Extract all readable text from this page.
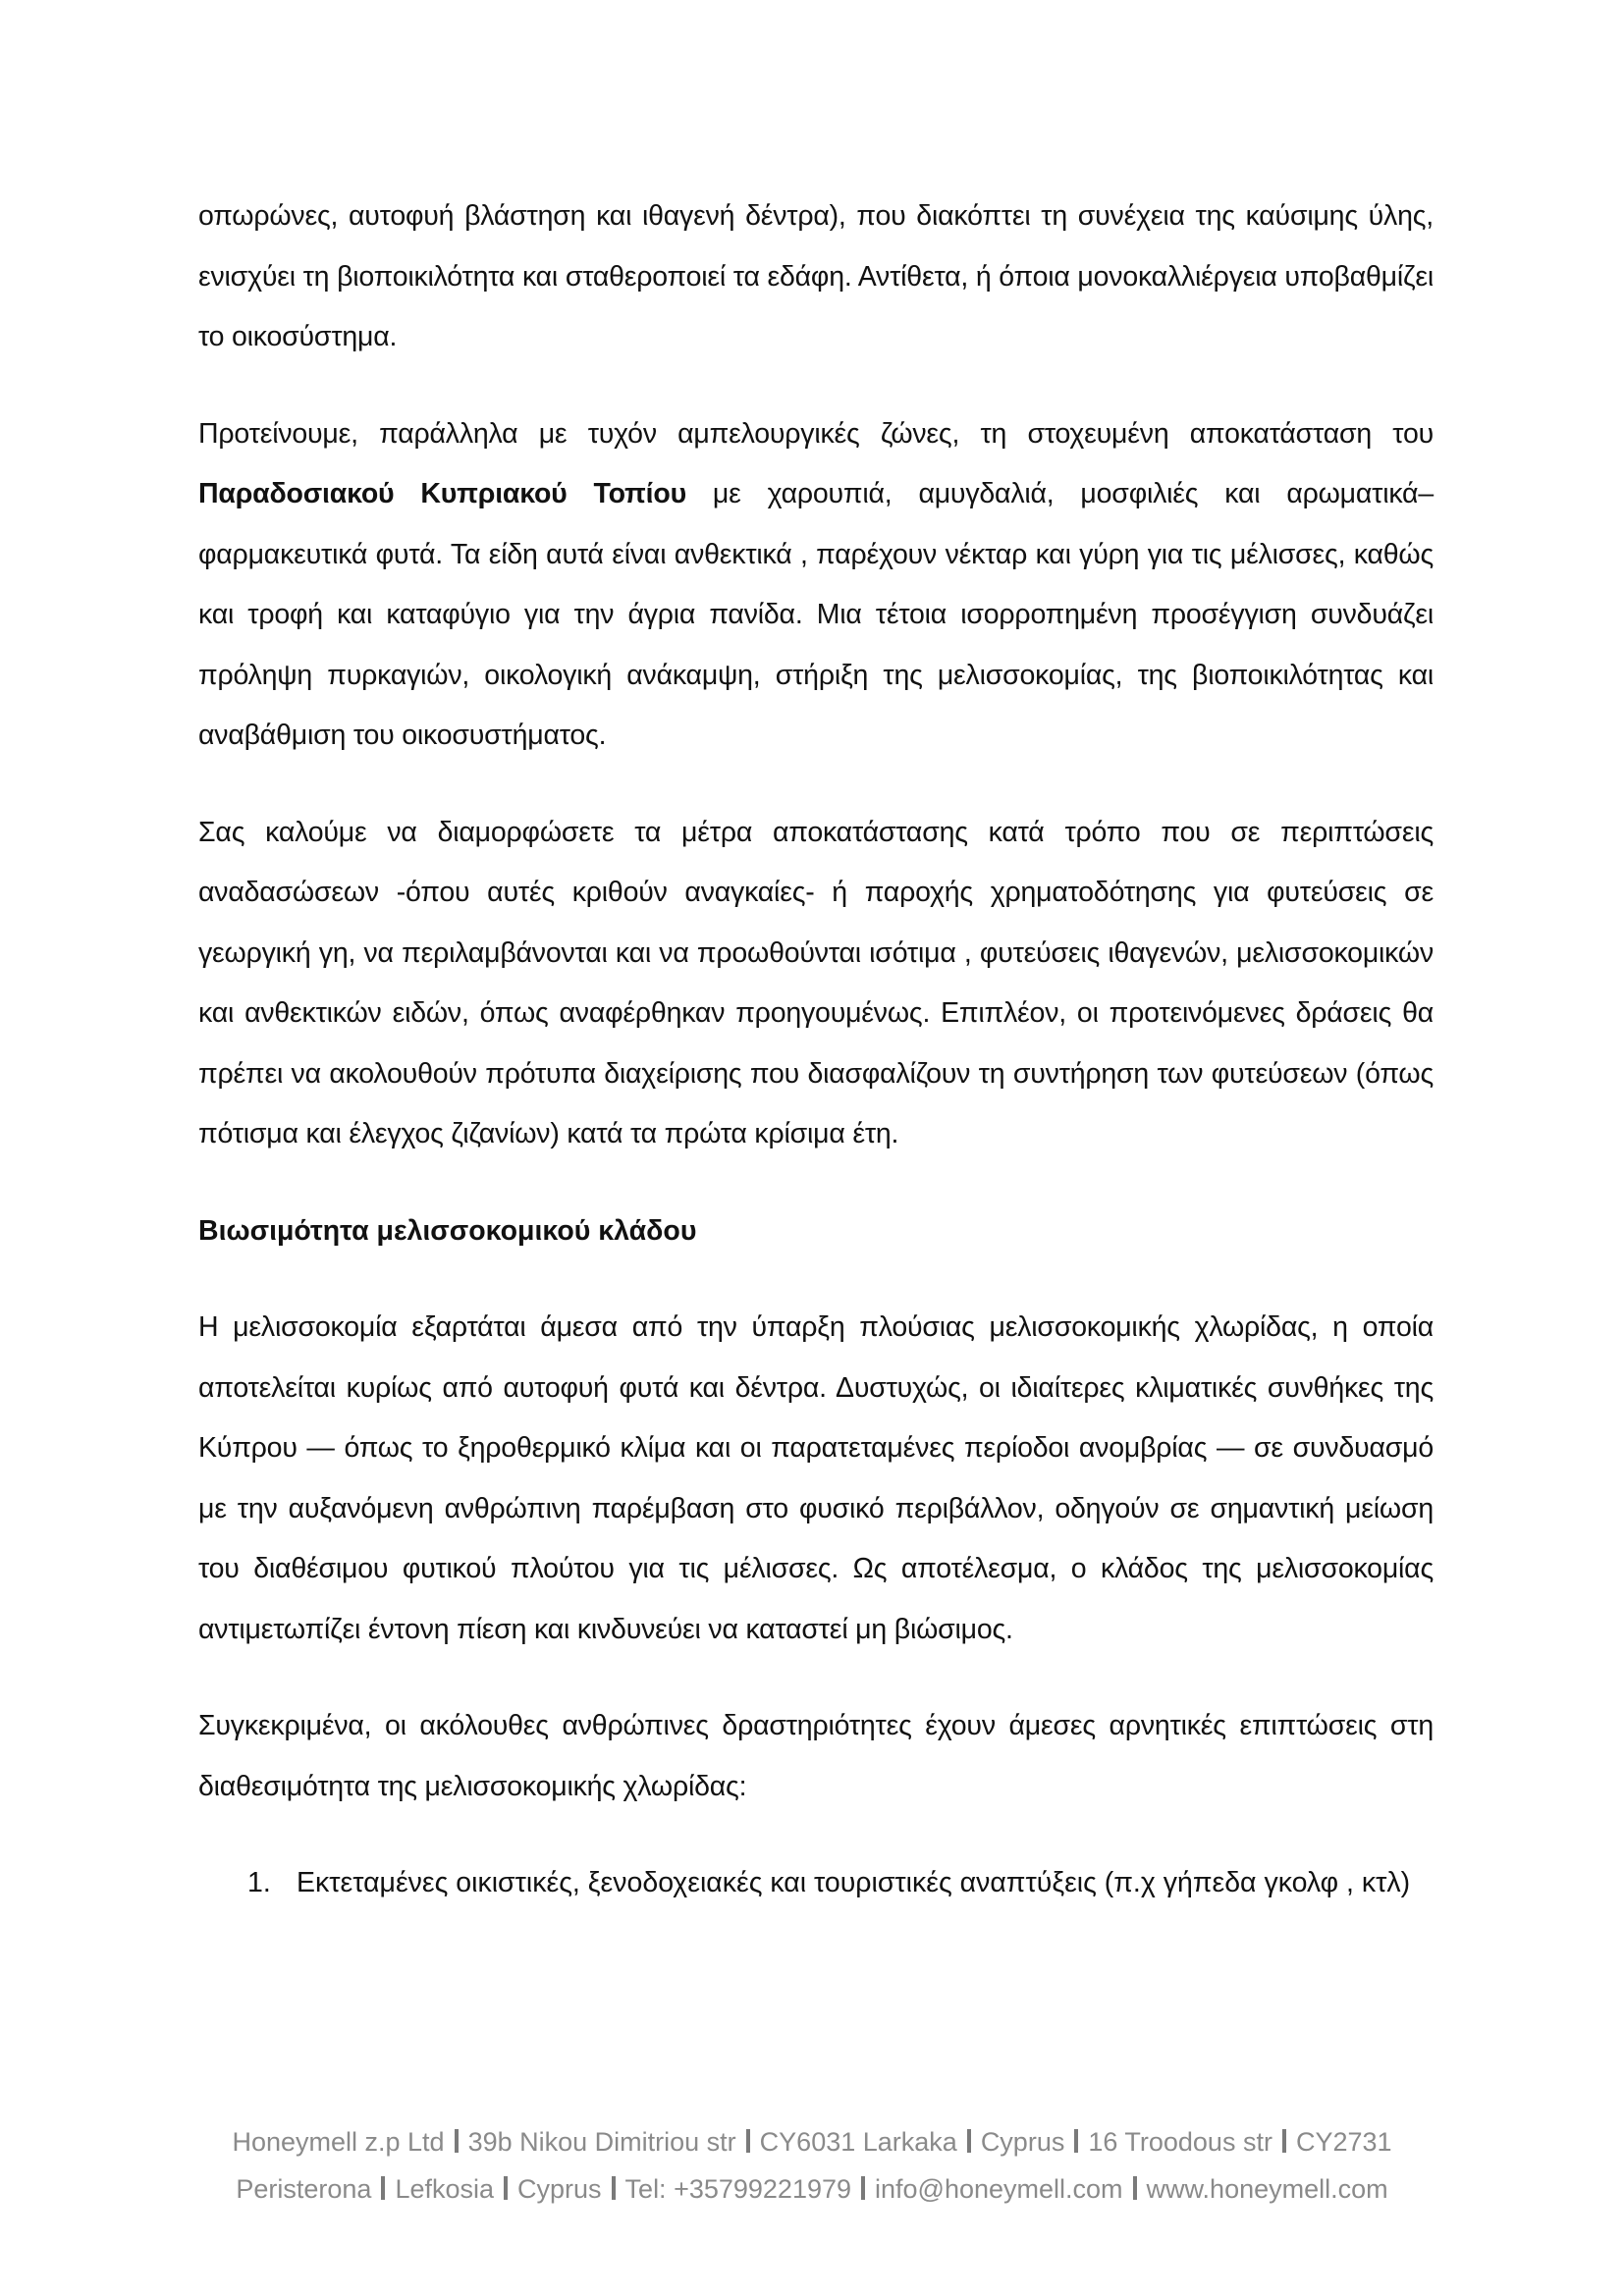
οπωρώνες, αυτοφυή βλάστηση και ιθαγενή δέντρα), που διακόπτει τη συνέχεια της καύσιμης ύλης, ενισχύει τη βιοποικιλότητα και σταθεροποιεί τα εδάφη. Αντίθετα, ή όποια μονοκαλλιέργεια υποβαθμίζει το οικοσύστημα.

Προτείνουμε, παράλληλα με τυχόν αμπελουργικές ζώνες, τη στοχευμένη αποκατάσταση του Παραδοσιακού Κυπριακού Τοπίου με χαρουπιά, αμυγδαλιά, μοσφιλιές και αρωματικά–φαρμακευτικά φυτά. Τα είδη αυτά είναι ανθεκτικά , παρέχουν νέκταρ και γύρη για τις μέλισσες, καθώς και τροφή και καταφύγιο για την άγρια πανίδα. Μια τέτοια ισορροπημένη προσέγγιση συνδυάζει πρόληψη πυρκαγιών, οικολογική ανάκαμψη, στήριξη της μελισσοκομίας, της βιοποικιλότητας και αναβάθμιση του οικοσυστήματος.

Σας καλούμε να διαμορφώσετε τα μέτρα αποκατάστασης κατά τρόπο που σε περιπτώσεις αναδασώσεων -όπου αυτές κριθούν αναγκαίες- ή παροχής χρηματοδότησης για φυτεύσεις σε γεωργική γη, να περιλαμβάνονται και να προωθούνται ισότιμα , φυτεύσεις ιθαγενών, μελισσοκομικών και ανθεκτικών ειδών, όπως αναφέρθηκαν προηγουμένως. Επιπλέον, οι προτεινόμενες δράσεις θα πρέπει να ακολουθούν πρότυπα διαχείρισης που διασφαλίζουν τη συντήρηση των φυτεύσεων (όπως πότισμα και έλεγχος ζιζανίων) κατά τα πρώτα κρίσιμα έτη.

Βιωσιμότητα μελισσοκομικού κλάδου

Η μελισσοκομία εξαρτάται άμεσα από την ύπαρξη πλούσιας μελισσοκομικής χλωρίδας, η οποία αποτελείται κυρίως από αυτοφυή φυτά και δέντρα. Δυστυχώς, οι ιδιαίτερες κλιματικές συνθήκες της Κύπρου — όπως το ξηροθερμικό κλίμα και οι παρατεταμένες περίοδοι ανομβρίας — σε συνδυασμό με την αυξανόμενη ανθρώπινη παρέμβαση στο φυσικό περιβάλλον, οδηγούν σε σημαντική μείωση του διαθέσιμου φυτικού πλούτου για τις μέλισσες. Ως αποτέλεσμα, ο κλάδος της μελισσοκομίας αντιμετωπίζει έντονη πίεση και κινδυνεύει να καταστεί μη βιώσιμος.

Συγκεκριμένα, οι ακόλουθες ανθρώπινες δραστηριότητες έχουν άμεσες αρνητικές επιπτώσεις στη διαθεσιμότητα της μελισσοκομικής χλωρίδας:

1. Εκτεταμένες οικιστικές, ξενοδοχειακές και τουριστικές αναπτύξεις (π.χ γήπεδα γκολφ , κτλ)
Honeymell z.p Ltd 39b Nikou Dimitriou str CY6031 Larkaka Cyprus 16 Troodous str CY2731
Peristerona Lefkosia Cyprus Tel: +35799221979 info@honeymell.com www.honeymell.com
